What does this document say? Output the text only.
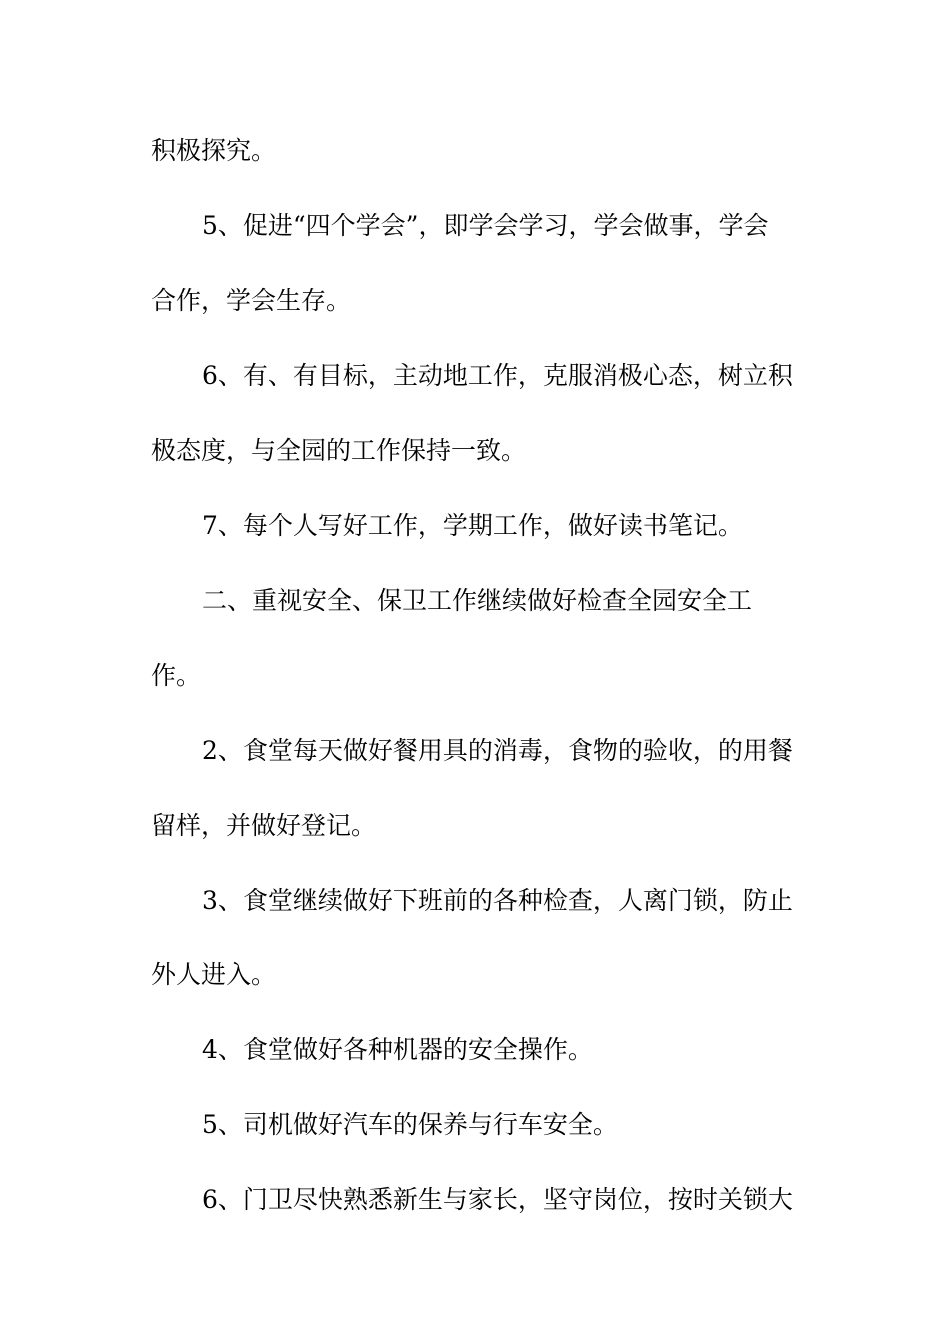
积极探究。
5、促进“四个学会”，即学会学习，学会做事，学会
合作，学会生存。
6、有、有目标，主动地工作，克服消极心态，树立积
极态度，与全园的工作保持一致。
7、每个人写好工作，学期工作，做好读书笔记。
二、重视安全、保卫工作继续做好检查全园安全工
作。
2、食堂每天做好餐用具的消毒，食物的验收，的用餐
留样，并做好登记。
3、食堂继续做好下班前的各种检查，人离门锁，防止
外人进入。
4、食堂做好各种机器的安全操作。
5、司机做好汽车的保养与行车安全。
6、门卫尽快熟悉新生与家长，坚守岗位，按时关锁大
